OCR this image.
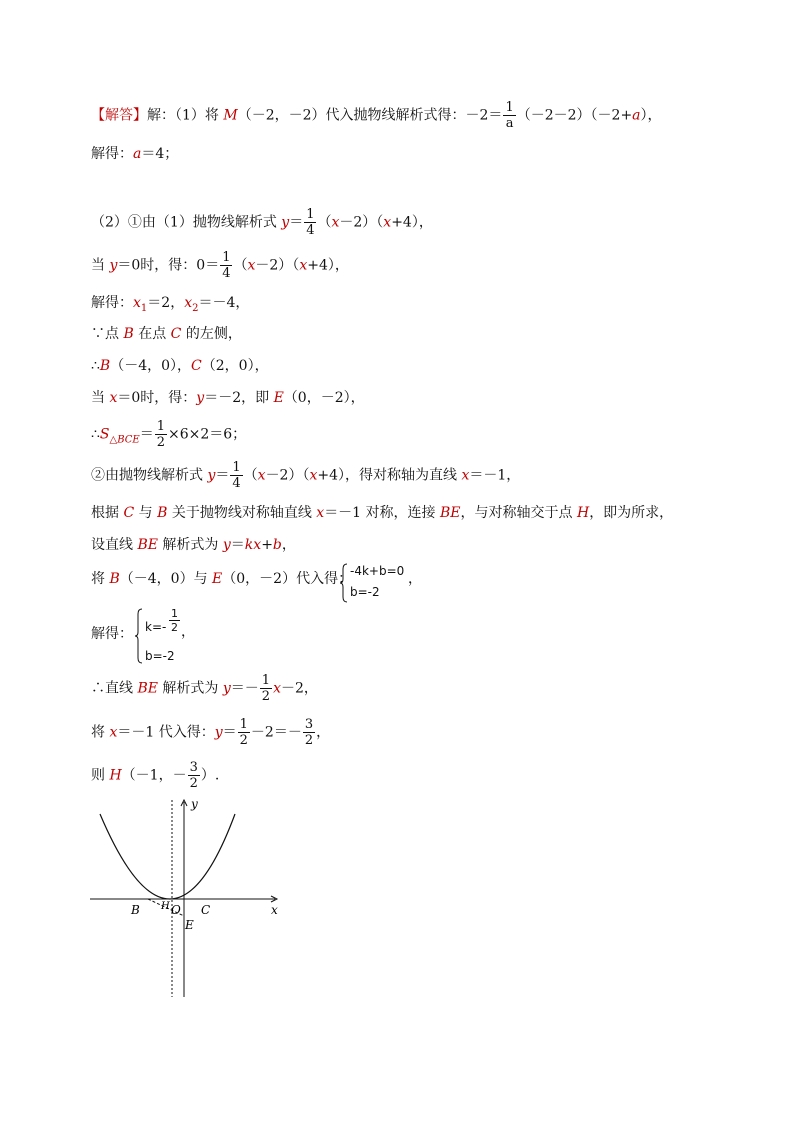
【解答】解：（1）将 M（－2，－2）代入抛物线解析式得：$-2= \frac{1}{a} (-2-2)(-2+a)$，
解得：a＝4；
（2）①由（1）抛物线解析式 $y= \frac{1}{4} (x-2)(x+4)$，
当 y＝0时，得：$0= \frac{1}{4} (x-2)(x+4)$，
解得：$x_1=2$，$x_2=-4$，
∵点 B 在点 C 的左侧，
∴B（－4，0），C（2，0），
当 x＝0时，得：y＝－2，即 E（0，－2），
$\therefore S_{\triangle BCE}= \frac{1}{2} \times 6\times 2=6$；
②由抛物线解析式 $y= \frac{1}{4} (x-2)(x+4)$，得对称轴为直线 x＝－1，
根据 C 与 B 关于抛物线对称轴直线 x＝－1 对称，连接 BE，与对称轴交于点 H，即为所求，
设直线 BE 解析式为 y＝kx+b，
将 B（－4，0）与 E（0，－2）代入得：
-4k+b=0
b=-2
，
解得： $k=- \frac{1}{2}$ ，
b=-2
∴直线 BE 解析式为 $y=- \frac{1}{2} x-2$，
将 x＝－1 代入得：$y= \frac{1}{2} -2=- \frac{3}{2}$ ，
则 H（－1，－ $\frac{3}{2}$ ）.
y
x
O
B	C
E
H
